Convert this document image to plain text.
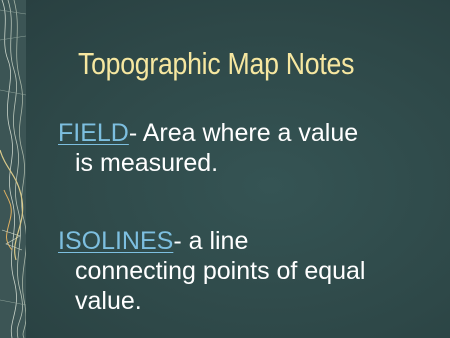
Topographic Map Notes
FIELD- Area where a value
is measured.
ISOLINES- a line
connecting points of equal
value.
